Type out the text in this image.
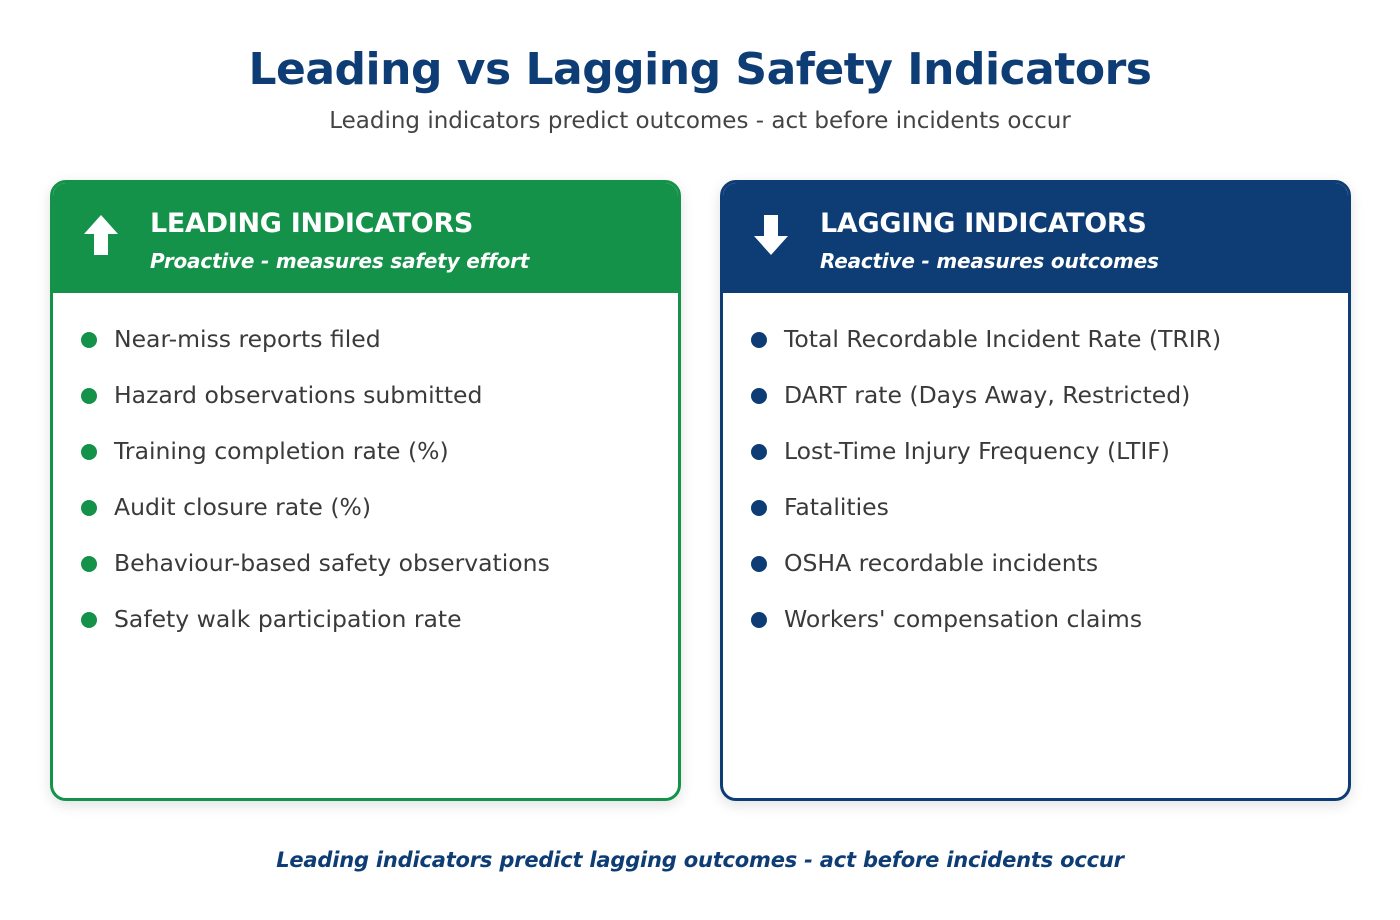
Leading vs Lagging Safety Indicators

Leading indicators predict outcomes - act before incidents occur

LEADING INDICATORS
Proactive - measures safety effort
Near-miss reports filed
Hazard observations submitted
Training completion rate (%)
Audit closure rate (%)
Behaviour-based safety observations
Safety walk participation rate
LAGGING INDICATORS
Reactive - measures outcomes
Total Recordable Incident Rate (TRIR)
DART rate (Days Away, Restricted)
Lost-Time Injury Frequency (LTIF)
Fatalities
OSHA recordable incidents
Workers' compensation claims

Leading indicators predict lagging outcomes - act before incidents occur
